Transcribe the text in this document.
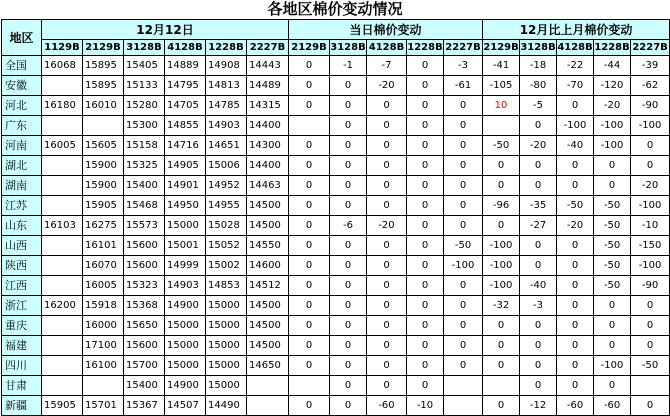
各地区棉价变动情况
地区	12月12日						当日棉价变动					12月比上月棉价变动				
	1129B	2129B	3128B	4128B	1228B	2227B	2129B	3128B	4128B	1228B	2227B	2129B	3128B	4128B	1228B	2227B
全国	16068	15895	15405	14889	14908	14443	0	-1	-7	0	-3	-41	-18	-22	-44	-39
安徽		15895	15133	14795	14813	14489	0	0	-20	0	-61	-105	-80	-70	-120	-62
河北	16180	16010	15280	14705	14785	14315	0	0	0	0	0	10	-5	0	-20	-90
广东			15300	14855	14903	14400		0	0	0	0		0	-100	-100	-100
河南	16005	15605	15158	14716	14651	14300	0	0	0	0	0	-50	-20	-40	-100	0
湖北		15900	15325	14905	15006	14400	0	0	0	0	0	0	0	0	0	0
湖南		15900	15400	14901	14952	14463	0	0	0	0	0	0	0	0	0	-20
江苏		15905	15468	14950	14955	14500	0	0	0	0	0	-96	-35	-50	-50	-100
山东	16103	16275	15573	15000	15028	14500	0	-6	-20	0	0	0	-27	-20	-50	-10
山西		16101	15600	15001	15052	14550	0	0	0	0	-50	-100	0	0	-50	-150
陕西		16070	15600	14999	15002	14600	0	0	0	0	-100	-100	0	0	-50	-100
江西		16005	15323	14903	14853	14512	0	0	0	0	0	-100	-40	0	-50	-90
浙江	16200	15918	15368	14900	15000	14500	0	0	0	0	0	-32	-3	0	0	0
重庆		16000	15650	15000	15000	14500	0	0	0	0	0	0	0	0	0	0
福建		17100	15600	15000	15000	14500	0	0	0	0	0	0	0	0	0	0
四川		16100	15700	15000	15000	14650	0	0	0	0	0	0	0	0	-100	-50
甘肃			15400	14900	15000			0	0	0			0	0	0	
新疆	15905	15701	15367	14507	14490		0	0	-60	-10		0	-12	-60	-60	0
